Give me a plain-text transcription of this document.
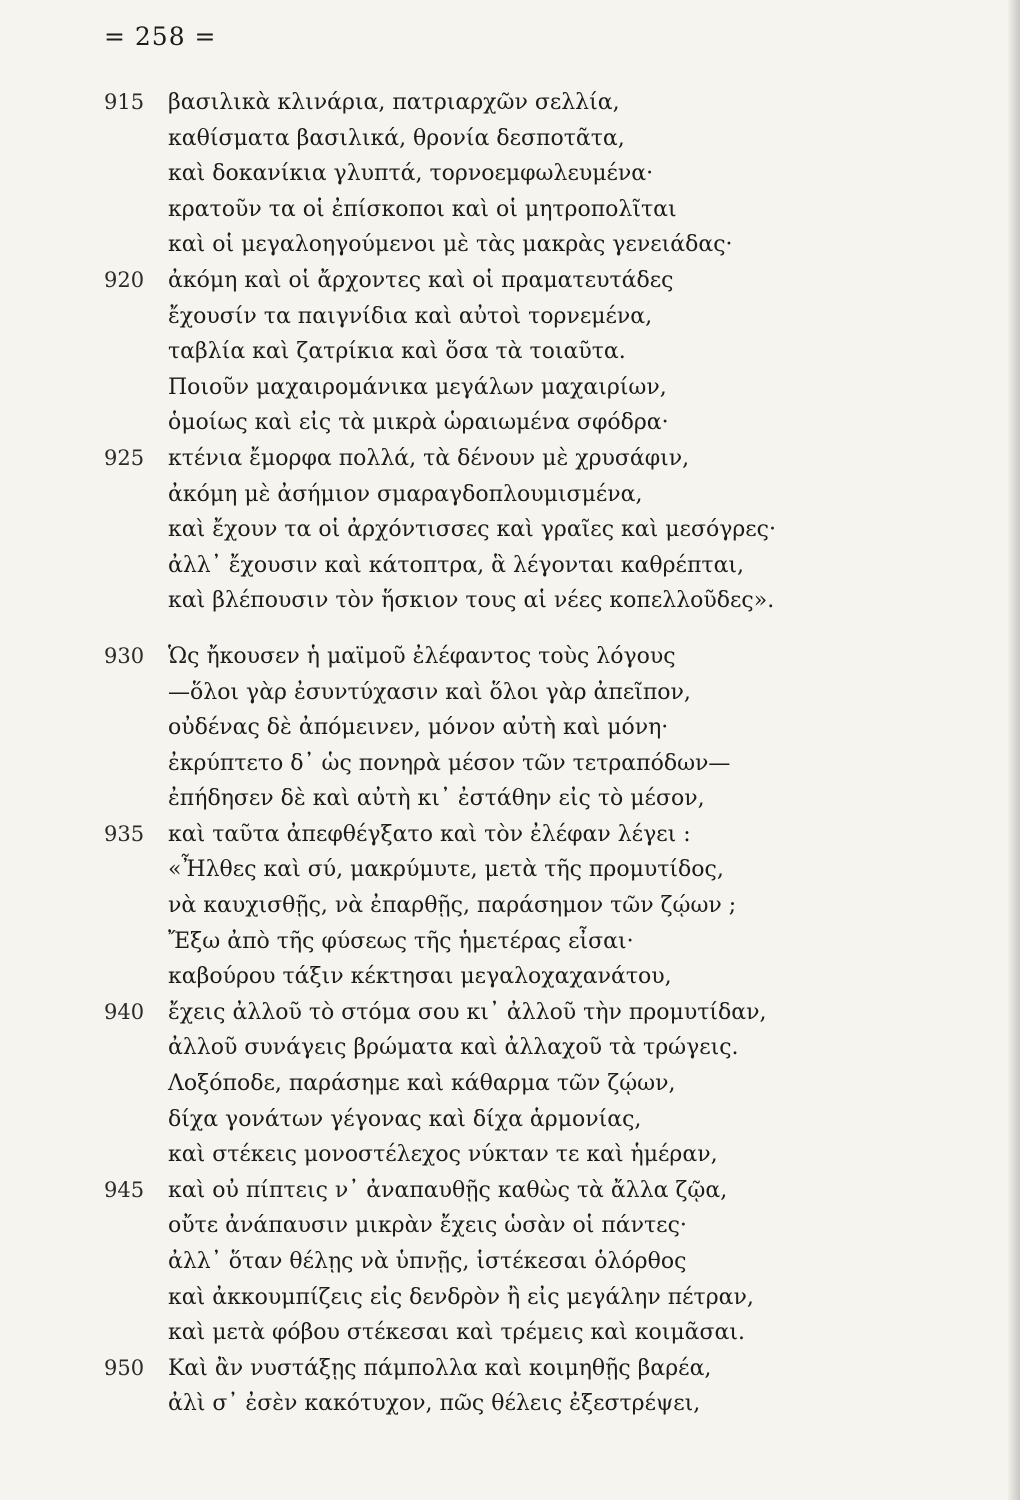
= 258 =
915	βασιλικὰ κλινάρια, πατριαρχῶν σελλία,
καθίσματα βασιλικά, θρονία δεσποτᾶτα,
καὶ δοκανίκια γλυπτά, τορνοεμφωλευμένα·
κρατοῦν τα οἱ ἐπίσκοποι καὶ οἱ μητροπολῖται
καὶ οἱ μεγαλοηγούμενοι μὲ τὰς μακρὰς γενειάδας·
920	ἀκόμη καὶ οἱ ἄρχοντες καὶ οἱ πραματευτάδες
ἔχουσίν τα παιγνίδια καὶ αὐτοὶ τορνεμένα,
ταβλία καὶ ζατρίκια καὶ ὅσα τὰ τοιαῦτα.
Ποιοῦν μαχαιρομάνικα μεγάλων μαχαιρίων,
ὁμοίως καὶ εἰς τὰ μικρὰ ὡραιωμένα σφόδρα·
925	κτένια ἔμορφα πολλά, τὰ δένουν μὲ χρυσάφιν,
ἀκόμη μὲ ἀσήμιον σμαραγδοπλουμισμένα,
καὶ ἔχουν τα οἱ ἀρχόντισσες καὶ γραῖες καὶ μεσόγρες·
ἀλλ᾽ ἔχουσιν καὶ κάτοπτρα, ἃ λέγονται καθρέπται,
καὶ βλέπουσιν τὸν ἥσκιον τους αἱ νέες κοπελλοῦδες».
930	Ὡς ἤκουσεν ἡ μαϊμοῦ ἐλέφαντος τοὺς λόγους
—ὅλοι γὰρ ἐσυντύχασιν καὶ ὅλοι γὰρ ἀπεῖπον,
οὐδένας δὲ ἀπόμεινεν, μόνον αὐτὴ καὶ μόνη·
ἐκρύπτετο δ᾽ ὡς πονηρὰ μέσον τῶν τετραπόδων—
ἐπήδησεν δὲ καὶ αὐτὴ κι᾽ ἐστάθην εἰς τὸ μέσον,
935	καὶ ταῦτα ἀπεφθέγξατο καὶ τὸν ἐλέφαν λέγει :
«Ἦλθες καὶ σύ, μακρύμυτε, μετὰ τῆς προμυτίδος,
νὰ καυχισθῇς, νὰ ἐπαρθῇς, παράσημον τῶν ζῴων ;
Ἔξω ἀπὸ τῆς φύσεως τῆς ἡμετέρας εἶσαι·
καβούρου τάξιν κέκτησαι μεγαλοχαχανάτου,
940	ἔχεις ἀλλοῦ τὸ στόμα σου κι᾽ ἀλλοῦ τὴν προμυτίδαν,
ἀλλοῦ συνάγεις βρώματα καὶ ἀλλαχοῦ τὰ τρώγεις.
Λοξόποδε, παράσημε καὶ κάθαρμα τῶν ζῴων,
δίχα γονάτων γέγονας καὶ δίχα ἁρμονίας,
καὶ στέκεις μονοστέλεχος νύκταν τε καὶ ἡμέραν,
945	καὶ οὐ πίπτεις ν᾽ ἀναπαυθῇς καθὼς τὰ ἄλλα ζῷα,
οὔτε ἀνάπαυσιν μικρὰν ἔχεις ὡσὰν οἱ πάντες·
ἀλλ᾽ ὅταν θέλῃς νὰ ὑπνῇς, ἱστέκεσαι ὁλόρθος
καὶ ἀκκουμπίζεις εἰς δενδρὸν ἢ εἰς μεγάλην πέτραν,
καὶ μετὰ φόβου στέκεσαι καὶ τρέμεις καὶ κοιμᾶσαι.
950	Καὶ ἂν νυστάξῃς πάμπολλα καὶ κοιμηθῇς βαρέα,
ἀλὶ σ᾽ ἐσὲν κακότυχον, πῶς θέλεις ἐξεστρέψει,
